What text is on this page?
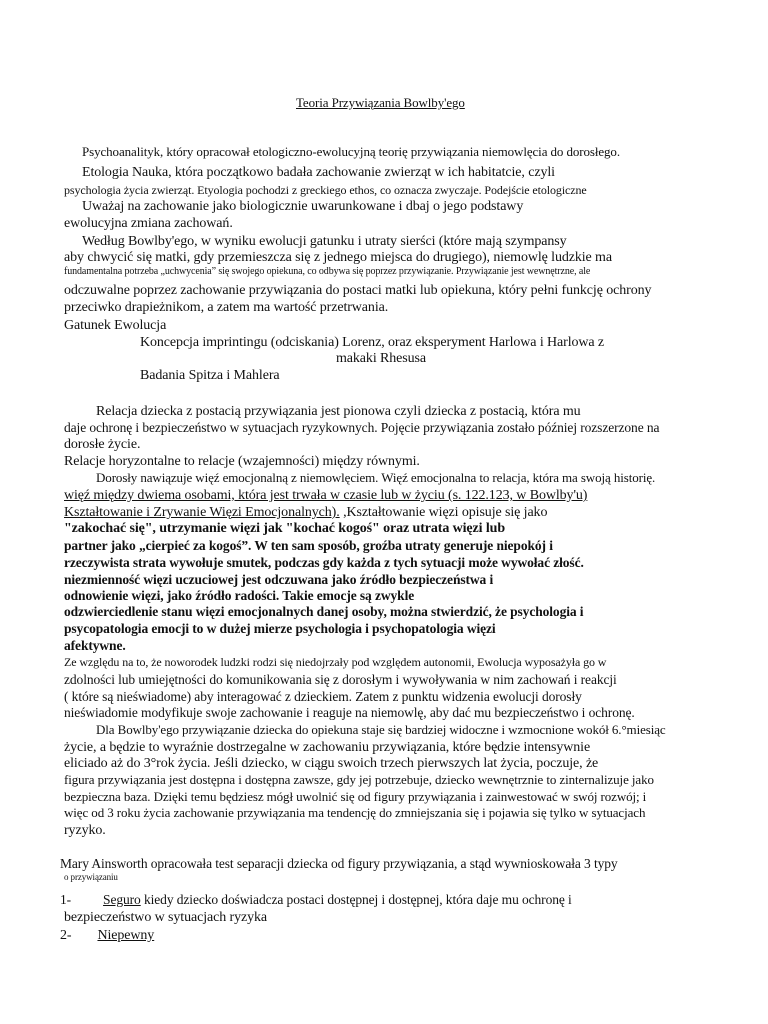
Teoria Przywiązania Bowlby'ego
Psychoanalityk, który opracował etologiczno-ewolucyjną teorię przywiązania niemowlęcia do dorosłego.
Etologia Nauka, która początkowo badała zachowanie zwierząt w ich habitatcie, czyli
psychologia życia zwierząt. Etyologia pochodzi z greckiego ethos, co oznacza zwyczaje. Podejście etologiczne
Uważaj na zachowanie jako biologicznie uwarunkowane i dbaj o jego podstawy
ewolucyjna zmiana zachowań.
Według Bowlby'ego, w wyniku ewolucji gatunku i utraty sierści (które mają szympansy
aby chwycić się matki, gdy przemieszcza się z jednego miejsca do drugiego), niemowlę ludzkie ma
fundamentalna potrzeba „uchwycenia” się swojego opiekuna, co odbywa się poprzez przywiązanie. Przywiązanie jest wewnętrzne, ale
odczuwalne poprzez zachowanie przywiązania do postaci matki lub opiekuna, który pełni funkcję ochrony
przeciwko drapieżnikom, a zatem ma wartość przetrwania.
Gatunek Ewolucja
Koncepcja imprintingu (odciskania) Lorenz, oraz eksperyment Harlowa i Harlowa z
makaki Rhesusa
Badania Spitza i Mahlera
Relacja dziecka z postacią przywiązania jest pionowa czyli dziecka z postacią, która mu
daje ochronę i bezpieczeństwo w sytuacjach ryzykownych. Pojęcie przywiązania zostało później rozszerzone na
dorosłe życie.
Relacje horyzontalne to relacje (wzajemności) między równymi.
Dorosły nawiązuje więź emocjonalną z niemowlęciem. Więź emocjonalna to relacja, która ma swoją historię.
więź między dwiema osobami, która jest trwała w czasie lub w życiu (s. 122.123, w Bowlby'u)
Kształtowanie i Zrywanie Więzi Emocjonalnych). ,Kształtowanie więzi opisuje się jako
"zakochać się", utrzymanie więzi jak "kochać kogoś" oraz utrata więzi lub
partner jako „cierpieć za kogoś”. W ten sam sposób, groźba utraty generuje niepokój i
rzeczywista strata wywołuje smutek, podczas gdy każda z tych sytuacji może wywołać złość.
niezmienność więzi uczuciowej jest odczuwana jako źródło bezpieczeństwa i
odnowienie więzi, jako źródło radości. Takie emocje są zwykle
odzwierciedlenie stanu więzi emocjonalnych danej osoby, można stwierdzić, że psychologia i
psycopatologia emocji to w dużej mierze psychologia i psychopatologia więzi
afektywne.
Ze względu na to, że noworodek ludzki rodzi się niedojrzały pod względem autonomii, Ewolucja wyposażyła go w
zdolności lub umiejętności do komunikowania się z dorosłym i wywoływania w nim zachowań i reakcji
( które są nieświadome) aby interagować z dzieckiem. Zatem z punktu widzenia ewolucji dorosły
nieświadomie modyfikuje swoje zachowanie i reaguje na niemowlę, aby dać mu bezpieczeństwo i ochronę.
Dla Bowlby'ego przywiązanie dziecka do opiekuna staje się bardziej widoczne i wzmocnione wokół 6.°miesiąc
życie, a będzie to wyraźnie dostrzegalne w zachowaniu przywiązania, które będzie intensywnie
eliciado aż do 3°rok życia. Jeśli dziecko, w ciągu swoich trzech pierwszych lat życia, poczuje, że
figura przywiązania jest dostępna i dostępna zawsze, gdy jej potrzebuje, dziecko wewnętrznie to zinternalizuje jako
bezpieczna baza. Dzięki temu będziesz mógł uwolnić się od figury przywiązania i zainwestować w swój rozwój; i
więc od 3 roku życia zachowanie przywiązania ma tendencję do zmniejszania się i pojawia się tylko w sytuacjach
ryzyko.
Mary Ainsworth opracowała test separacji dziecka od figury przywiązania, a stąd wywnioskowała 3 typy
o przywiązaniu
1- Seguro kiedy dziecko doświadcza postaci dostępnej i dostępnej, która daje mu ochronę i
bezpieczeństwo w sytuacjach ryzyka
2- Niepewny
